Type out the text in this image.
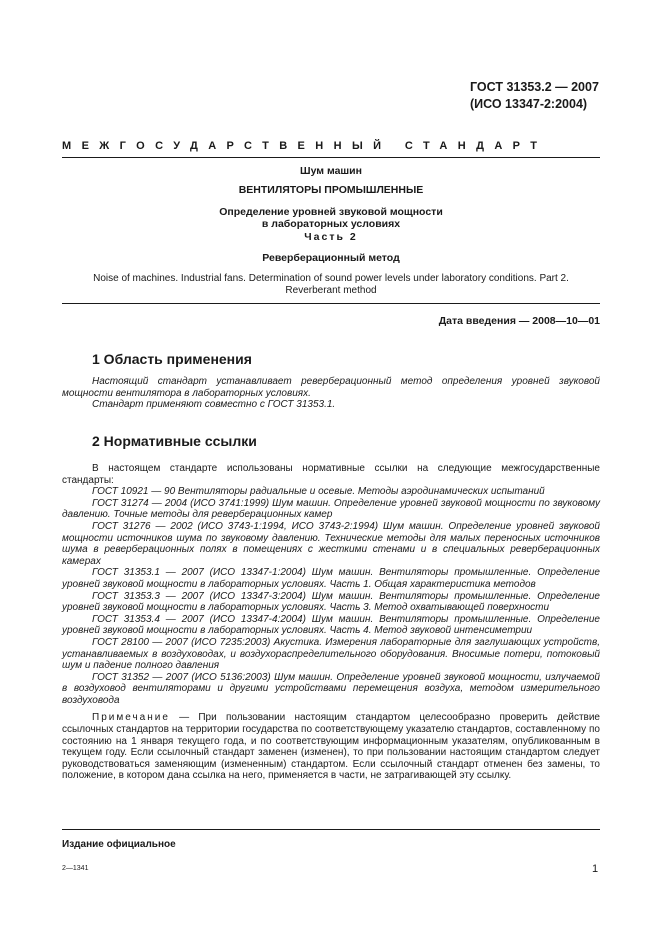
ГОСТ 31353.2 — 2007
(ИСО 13347-2:2004)
МЕЖГОСУДАРСТВЕННЫЙ СТАНДАРТ
Шум машин
ВЕНТИЛЯТОРЫ ПРОМЫШЛЕННЫЕ
Определение уровней звуковой мощности
в лабораторных условиях
Часть 2
Реверберационный метод
Noise of machines. Industrial fans. Determination of sound power levels under laboratory conditions. Part 2.
Reverberant method
Дата введения — 2008—10—01
1 Область применения

Настоящий стандарт устанавливает реверберационный метод определения уровней звуковой мощности вентилятора в лабораторных условиях.

Стандарт применяют совместно с ГОСТ 31353.1.

2 Нормативные ссылки

В настоящем стандарте использованы нормативные ссылки на следующие межгосударственные стандарты:

ГОСТ 10921 — 90 Вентиляторы радиальные и осевые. Методы аэродинамических испытаний

ГОСТ 31274 — 2004 (ИСО 3741:1999) Шум машин. Определение уровней звуковой мощности по звуковому давлению. Точные методы для реверберационных камер

ГОСТ 31276 — 2002 (ИСО 3743-1:1994, ИСО 3743-2:1994) Шум машин. Определение уровней звуковой мощности источников шума по звуковому давлению. Технические методы для малых переносных источников шума в реверберационных полях в помещениях с жесткими стенами и в специальных реверберационных камерах

ГОСТ 31353.1 — 2007 (ИСО 13347-1:2004) Шум машин. Вентиляторы промышленные. Определение уровней звуковой мощности в лабораторных условиях. Часть 1. Общая характеристика методов

ГОСТ 31353.3 — 2007 (ИСО 13347-3:2004) Шум машин. Вентиляторы промышленные. Определение уровней звуковой мощности в лабораторных условиях. Часть 3. Метод охватывающей поверхности

ГОСТ 31353.4 — 2007 (ИСО 13347-4:2004) Шум машин. Вентиляторы промышленные. Определение уровней звуковой мощности в лабораторных условиях. Часть 4. Метод звуковой интенсиметрии

ГОСТ 28100 — 2007 (ИСО 7235:2003) Акустика. Измерения лабораторные для заглушающих устройств, устанавливаемых в воздуховодах, и воздухораспределительного оборудования. Вносимые потери, потоковый шум и падение полного давления

ГОСТ 31352 — 2007 (ИСО 5136:2003) Шум машин. Определение уровней звуковой мощности, излучаемой в воздуховод вентиляторами и другими устройствами перемещения воздуха, методом измерительного воздуховода

Примечание — При пользовании настоящим стандартом целесообразно проверить действие ссылочных стандартов на территории государства по соответствующему указателю стандартов, составленному по состоянию на 1 января текущего года, и по соответствующим информационным указателям, опубликованным в текущем году. Если ссылочный стандарт заменен (изменен), то при пользовании настоящим стандартом следует руководствоваться заменяющим (измененным) стандартом. Если ссылочный стандарт отменен без замены, то положение, в котором дана ссылка на него, применяется в части, не затрагивающей эту ссылку.

Издание официальное
2—1341	1
